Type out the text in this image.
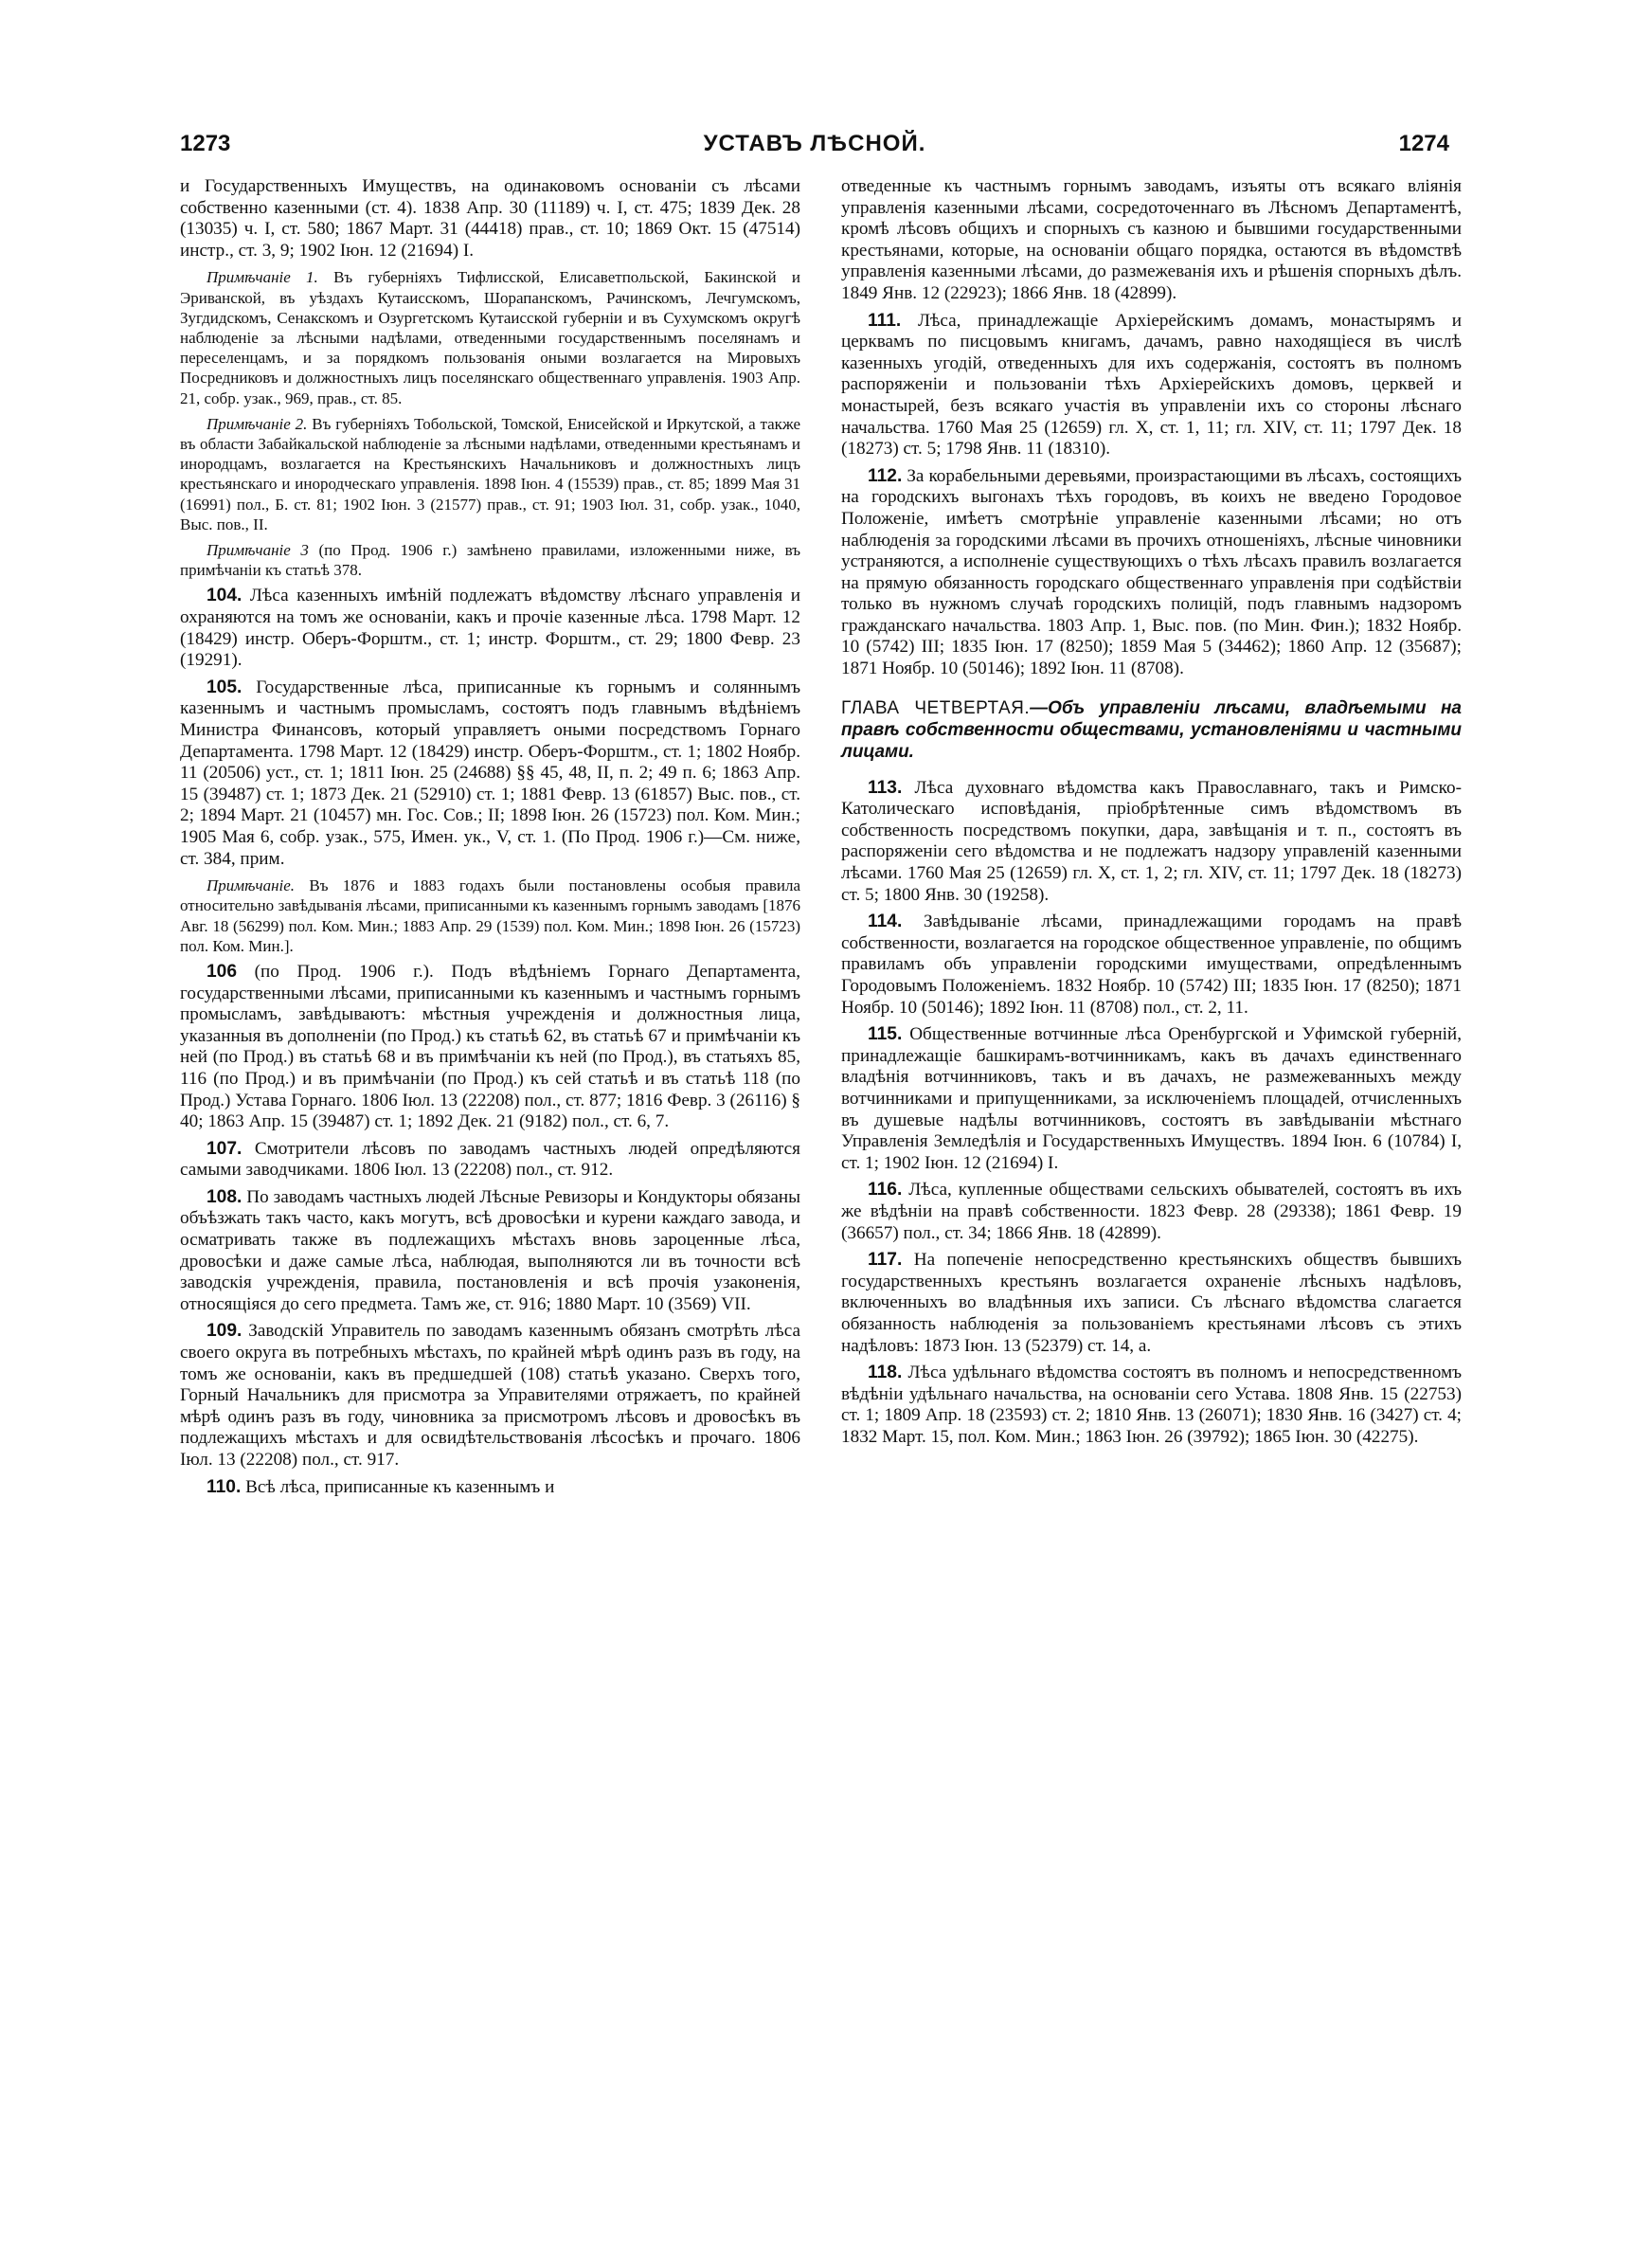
1273	УСТАВЪ ЛѢСНОЙ.	1274

и Государственныхъ Имуществъ, на одинаковомъ основаніи съ лѣсами собственно казенными (ст. 4). 1838 Апр. 30 (11189) ч. I, ст. 475; 1839 Дек. 28 (13035) ч. I, ст. 580; 1867 Март. 31 (44418) прав., ст. 10; 1869 Окт. 15 (47514) инстр., ст. 3, 9; 1902 Іюн. 12 (21694) I.

Примѣчаніе 1. Въ губерніяхъ Тифлисской, Елисаветпольской, Бакинской и Эриванской, въ уѣздахъ Кутаисскомъ, Шорапанскомъ, Рачинскомъ, Лечгумскомъ, Зугдидскомъ, Сенакскомъ и Озургетскомъ Кутаисской губерніи и въ Сухумскомъ округѣ наблюденіе за лѣсными надѣлами, отведенными государственнымъ поселянамъ и переселенцамъ, и за порядкомъ пользованія оными возлагается на Мировыхъ Посредниковъ и должностныхъ лицъ поселянскаго общественнаго управленія. 1903 Апр. 21, собр. узак., 969, прав., ст. 85.

Примѣчаніе 2. Въ губерніяхъ Тобольской, Томской, Енисейской и Иркутской, а также въ области Забайкальской наблюденіе за лѣсными надѣлами, отведенными крестьянамъ и инородцамъ, возлагается на Крестьянскихъ Начальниковъ и должностныхъ лицъ крестьянскаго и инородческаго управленія. 1898 Іюн. 4 (15539) прав., ст. 85; 1899 Мая 31 (16991) пол., Б. ст. 81; 1902 Іюн. 3 (21577) прав., ст. 91; 1903 Іюл. 31, собр. узак., 1040, Выс. пов., II.

Примѣчаніе 3 (по Прод. 1906 г.) замѣнено правилами, изложенными ниже, въ примѣчаніи къ статьѣ 378.

104. Лѣса казенныхъ имѣній подлежатъ вѣдомству лѣснаго управленія и охраняются на томъ же основаніи, какъ и прочіе казенные лѣса. 1798 Март. 12 (18429) инстр. Оберъ-Форштм., ст. 1; инстр. Форштм., ст. 29; 1800 Февр. 23 (19291).

105. Государственные лѣса, приписанные къ горнымъ и соляннымъ казеннымъ и частнымъ промысламъ, состоятъ подъ главнымъ вѣдѣніемъ Министра Финансовъ, который управляетъ оными посредствомъ Горнаго Департамента. 1798 Март. 12 (18429) инстр. Оберъ-Форштм., ст. 1; 1802 Ноябр. 11 (20506) уст., ст. 1; 1811 Іюн. 25 (24688) §§ 45, 48, II, п. 2; 49 п. 6; 1863 Апр. 15 (39487) ст. 1; 1873 Дек. 21 (52910) ст. 1; 1881 Февр. 13 (61857) Выс. пов., ст. 2; 1894 Март. 21 (10457) мн. Гос. Сов.; II; 1898 Іюн. 26 (15723) пол. Ком. Мин.; 1905 Мая 6, собр. узак., 575, Имен. ук., V, ст. 1. (По Прод. 1906 г.)—См. ниже, ст. 384, прим.

Примѣчаніе. Въ 1876 и 1883 годахъ были постановлены особыя правила относительно завѣдыванія лѣсами, приписанными къ казеннымъ горнымъ заводамъ [1876 Авг. 18 (56299) пол. Ком. Мин.; 1883 Апр. 29 (1539) пол. Ком. Мин.; 1898 Іюн. 26 (15723) пол. Ком. Мин.].

106 (по Прод. 1906 г.). Подъ вѣдѣніемъ Горнаго Департамента, государственными лѣсами, приписанными къ казеннымъ и частнымъ горнымъ промысламъ, завѣдываютъ: мѣстныя учрежденія и должностныя лица, указанныя въ дополненіи (по Прод.) къ статьѣ 62, въ статьѣ 67 и примѣчаніи къ ней (по Прод.) въ статьѣ 68 и въ примѣчаніи къ ней (по Прод.), въ статьяхъ 85, 116 (по Прод.) и въ примѣчаніи (по Прод.) къ сей статьѣ и въ статьѣ 118 (по Прод.) Устава Горнаго. 1806 Іюл. 13 (22208) пол., ст. 877; 1816 Февр. 3 (26116) § 40; 1863 Апр. 15 (39487) ст. 1; 1892 Дек. 21 (9182) пол., ст. 6, 7.

107. Смотрители лѣсовъ по заводамъ частныхъ людей опредѣляются самыми заводчиками. 1806 Іюл. 13 (22208) пол., ст. 912.

108. По заводамъ частныхъ людей Лѣсные Ревизоры и Кондукторы обязаны объѣзжать такъ часто, какъ могутъ, всѣ дровосѣки и курени каждаго завода, и осматривать также въ подлежащихъ мѣстахъ вновь зароценные лѣса, дровосѣки и даже самые лѣса, наблюдая, выполняются ли въ точности всѣ заводскія учрежденія, правила, постановленія и всѣ прочія узаконенія, относящіяся до сего предмета. Тамъ же, ст. 916; 1880 Март. 10 (3569) VII.

109. Заводскій Управитель по заводамъ казеннымъ обязанъ смотрѣть лѣса своего округа въ потребныхъ мѣстахъ, по крайней мѣрѣ одинъ разъ въ году, на томъ же основаніи, какъ въ предшедшей (108) статьѣ указано. Сверхъ того, Горный Начальникъ для присмотра за Управителями отряжаетъ, по крайней мѣрѣ одинъ разъ въ году, чиновника за присмотромъ лѣсовъ и дровосѣкъ въ подлежащихъ мѣстахъ и для освидѣтельствованія лѣсосѣкъ и прочаго. 1806 Іюл. 13 (22208) пол., ст. 917.

110. Всѣ лѣса, приписанные къ казеннымъ и

отведенные къ частнымъ горнымъ заводамъ, изъяты отъ всякаго вліянія управленія казенными лѣсами, сосредоточеннаго въ Лѣсномъ Департаментѣ, кромѣ лѣсовъ общихъ и спорныхъ съ казною и бывшими государственными крестьянами, которые, на основаніи общаго порядка, остаются въ вѣдомствѣ управленія казенными лѣсами, до размежеванія ихъ и рѣшенія спорныхъ дѣлъ. 1849 Янв. 12 (22923); 1866 Янв. 18 (42899).

111. Лѣса, принадлежащіе Архіерейскимъ домамъ, монастырямъ и церквамъ по писцовымъ книгамъ, дачамъ, равно находящіеся въ числѣ казенныхъ угодій, отведенныхъ для ихъ содержанія, состоятъ въ полномъ распоряженіи и пользованіи тѣхъ Архіерейскихъ домовъ, церквей и монастырей, безъ всякаго участія въ управленіи ихъ со стороны лѣснаго начальства. 1760 Мая 25 (12659) гл. X, ст. 1, 11; гл. XIV, ст. 11; 1797 Дек. 18 (18273) ст. 5; 1798 Янв. 11 (18310).

112. За корабельными деревьями, произрастающими въ лѣсахъ, состоящихъ на городскихъ выгонахъ тѣхъ городовъ, въ коихъ не введено Городовое Положеніе, имѣетъ смотрѣніе управленіе казенными лѣсами; но отъ наблюденія за городскими лѣсами въ прочихъ отношеніяхъ, лѣсные чиновники устраняются, а исполненіе существующихъ о тѣхъ лѣсахъ правилъ возлагается на прямую обязанность городскаго общественнаго управленія при содѣйствіи только въ нужномъ случаѣ городскихъ полицій, подъ главнымъ надзоромъ гражданскаго начальства. 1803 Апр. 1, Выс. пов. (по Мин. Фин.); 1832 Ноябр. 10 (5742) III; 1835 Іюн. 17 (8250); 1859 Мая 5 (34462); 1860 Апр. 12 (35687); 1871 Ноябр. 10 (50146); 1892 Іюн. 11 (8708).

ГЛАВА ЧЕТВЕРТАЯ.—Объ управленіи лѣсами, владѣемыми на правѣ собственности обществами, установленіями и частными лицами.

113. Лѣса духовнаго вѣдомства какъ Православнаго, такъ и Римско-Католическаго исповѣданія, пріобрѣтенные симъ вѣдомствомъ въ собственность посредствомъ покупки, дара, завѣщанія и т. п., состоятъ въ распоряженіи сего вѣдомства и не подлежатъ надзору управленій казенными лѣсами. 1760 Мая 25 (12659) гл. X, ст. 1, 2; гл. XIV, ст. 11; 1797 Дек. 18 (18273) ст. 5; 1800 Янв. 30 (19258).

114. Завѣдываніе лѣсами, принадлежащими городамъ на правѣ собственности, возлагается на городское общественное управленіе, по общимъ правиламъ объ управленіи городскими имуществами, опредѣленнымъ Городовымъ Положеніемъ. 1832 Ноябр. 10 (5742) III; 1835 Іюн. 17 (8250); 1871 Ноябр. 10 (50146); 1892 Іюн. 11 (8708) пол., ст. 2, 11.

115. Общественные вотчинные лѣса Оренбургской и Уфимской губерній, принадлежащіе башкирамъ-вотчинникамъ, какъ въ дачахъ единственнаго владѣнія вотчинниковъ, такъ и въ дачахъ, не размежеванныхъ между вотчинниками и припущенниками, за исключеніемъ площадей, отчисленныхъ въ душевые надѣлы вотчинниковъ, состоятъ въ завѣдываніи мѣстнаго Управленія Земледѣлія и Государственныхъ Имуществъ. 1894 Іюн. 6 (10784) I, ст. 1; 1902 Іюн. 12 (21694) I.

116. Лѣса, купленные обществами сельскихъ обывателей, состоятъ въ ихъ же вѣдѣніи на правѣ собственности. 1823 Февр. 28 (29338); 1861 Февр. 19 (36657) пол., ст. 34; 1866 Янв. 18 (42899).

117. На попеченіе непосредственно крестьянскихъ обществъ бывшихъ государственныхъ крестьянъ возлагается охраненіе лѣсныхъ надѣловъ, включенныхъ во владѣнныя ихъ записи. Съ лѣснаго вѣдомства слагается обязанность наблюденія за пользованіемъ крестьянами лѣсовъ съ этихъ надѣловъ: 1873 Іюн. 13 (52379) ст. 14, а.

118. Лѣса удѣльнаго вѣдомства состоятъ въ полномъ и непосредственномъ вѣдѣніи удѣльнаго начальства, на основаніи сего Устава. 1808 Янв. 15 (22753) ст. 1; 1809 Апр. 18 (23593) ст. 2; 1810 Янв. 13 (26071); 1830 Янв. 16 (3427) ст. 4; 1832 Март. 15, пол. Ком. Мин.; 1863 Іюн. 26 (39792); 1865 Іюн. 30 (42275).
